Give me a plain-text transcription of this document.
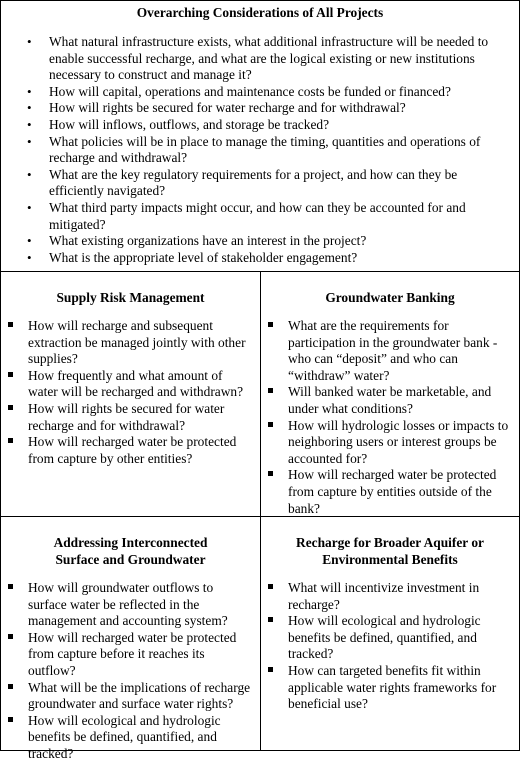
Overarching Considerations of All Projects
• What natural infrastructure exists, what additional infrastructure will be needed to enable successful recharge, and what are the logical existing or new institutions necessary to construct and manage it?
• How will capital, operations and maintenance costs be funded or financed?
• How will rights be secured for water recharge and for withdrawal?
• How will inflows, outflows, and storage be tracked?
• What policies will be in place to manage the timing, quantities and operations of recharge and withdrawal?
• What are the key regulatory requirements for a project, and how can they be efficiently navigated?
• What third party impacts might occur, and how can they be accounted for and mitigated?
• What existing organizations have an interest in the project?
• What is the appropriate level of stakeholder engagement?
Supply Risk Management
How will recharge and subsequent extraction be managed jointly with other supplies?
How frequently and what amount of water will be recharged and withdrawn?
How will rights be secured for water recharge and for withdrawal?
How will recharged water be protected from capture by other entities?
Groundwater Banking
What are the requirements for participation in the groundwater bank - who can “deposit” and who can “withdraw” water?
Will banked water be marketable, and under what conditions?
How will hydrologic losses or impacts to neighboring users or interest groups be accounted for?
How will recharged water be protected from capture by entities outside of the bank?
Addressing Interconnected
Surface and Groundwater
How will groundwater outflows to surface water be reflected in the management and accounting system?
How will recharged water be protected from capture before it reaches its outflow?
What will be the implications of recharge groundwater and surface water rights?
How will ecological and hydrologic benefits be defined, quantified, and tracked?
Recharge for Broader Aquifer or
Environmental Benefits
What will incentivize investment in recharge?
How will ecological and hydrologic benefits be defined, quantified, and tracked?
How can targeted benefits fit within applicable water rights frameworks for beneficial use?
